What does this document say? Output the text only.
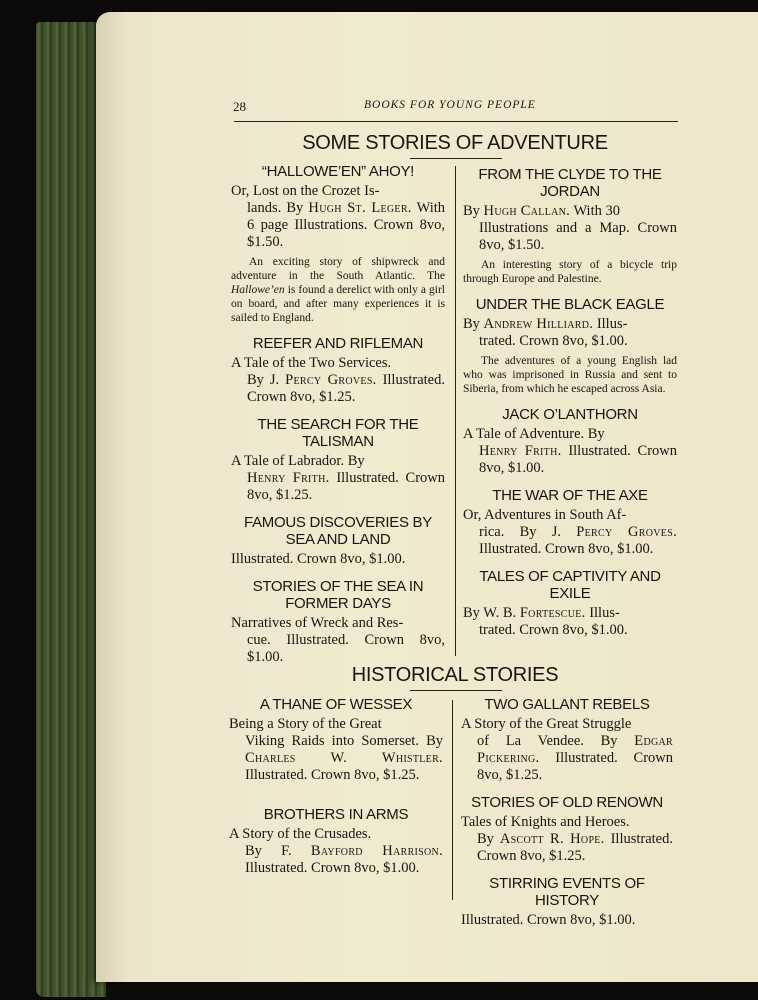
28	BOOKS FOR YOUNG PEOPLE
SOME STORIES OF ADVENTURE
“HALLOWE’EN” AHOY!
Or, Lost on the Crozet Is-
lands. By Hugh St. Leger. With 6 page Illustrations. Crown 8vo, $1.50.

An exciting story of shipwreck and adventure in the South Atlantic. The Hallowe’en is found a derelict with only a girl on board, and after many experiences it is sailed to England.

REEFER AND RIFLEMAN
A Tale of the Two Services.
By J. Percy Groves. Illustrated. Crown 8vo, $1.25.
THE SEARCH FOR THE TALISMAN
A Tale of Labrador. By
Henry Frith. Illustrated. Crown 8vo, $1.25.
FAMOUS DISCOVERIES BY SEA AND LAND
Illustrated. Crown 8vo, $1.00.
STORIES OF THE SEA IN FORMER DAYS
Narratives of Wreck and Res-
cue. Illustrated. Crown 8vo, $1.00.
FROM THE CLYDE TO THE JORDAN
By Hugh Callan. With 30
Illustrations and a Map. Crown 8vo, $1.50.

An interesting story of a bicycle trip through Europe and Palestine.

UNDER THE BLACK EAGLE
By Andrew Hilliard. Illus-
trated. Crown 8vo, $1.00.

The adventures of a young English lad who was imprisoned in Russia and sent to Siberia, from which he escaped across Asia.

JACK O’LANTHORN
A Tale of Adventure. By
Henry Frith. Illustrated. Crown 8vo, $1.00.
THE WAR OF THE AXE
Or, Adventures in South Af-
rica. By J. Percy Groves. Illustrated. Crown 8vo, $1.00.
TALES OF CAPTIVITY AND EXILE
By W. B. Fortescue. Illus-
trated. Crown 8vo, $1.00.
HISTORICAL STORIES
A THANE OF WESSEX
Being a Story of the Great
Viking Raids into Somerset. By Charles W. Whistler. Illustrated. Crown 8vo, $1.25.
BROTHERS IN ARMS
A Story of the Crusades.
By F. Bayford Harrison. Illustrated. Crown 8vo, $1.00.
TWO GALLANT REBELS
A Story of the Great Struggle
of La Vendee. By Edgar Pickering. Illustrated. Crown 8vo, $1.25.
STORIES OF OLD RENOWN
Tales of Knights and Heroes.
By Ascott R. Hope. Illustrated. Crown 8vo, $1.25.
STIRRING EVENTS OF HISTORY
Illustrated. Crown 8vo, $1.00.
